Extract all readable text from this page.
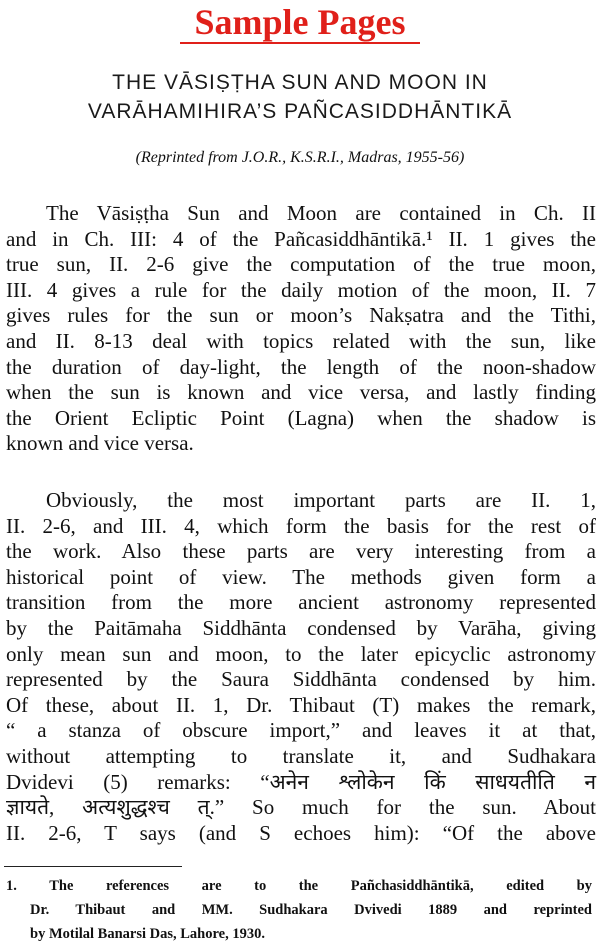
Sample Pages
THE VĀSIṢṬHA SUN AND MOON IN
VARĀHAMIHIRA’S PAÑCASIDDHĀNTIKĀ
(Reprinted from J.O.R., K.S.R.I., Madras, 1955-56)
The Vāsiṣṭha Sun and Moon are contained in Ch. II
and in Ch. III: 4 of the Pañcasiddhāntikā.¹ II. 1 gives the
true sun, II. 2-6 give the computation of the true moon,
III. 4 gives a rule for the daily motion of the moon, II. 7
gives rules for the sun or moon’s Nakṣatra and the Tithi,
and II. 8-13 deal with topics related with the sun, like
the duration of day-light, the length of the noon-shadow
when the sun is known and vice versa, and lastly finding
the Orient Ecliptic Point (Lagna) when the shadow is
known and vice versa.
Obviously, the most important parts are II. 1,
II. 2-6, and III. 4, which form the basis for the rest of
the work. Also these parts are very interesting from a
historical point of view. The methods given form a
transition from the more ancient astronomy represented
by the Paitāmaha Siddhānta condensed by Varāha, giving
only mean sun and moon, to the later epicyclic astronomy
represented by the Saura Siddhānta condensed by him.
Of these, about II. 1, Dr. Thibaut (T) makes the remark,
“ a stanza of obscure import,” and leaves it at that,
without attempting to translate it, and Sudhakara
Dvidevi (5) remarks: “अनेन श्लोकेन किं साधयतीति न
ज्ञायते, अत्यशुद्धश्च त्.” So much for the sun. About
II. 2-6, T says (and S echoes him): “Of the above
1. The references are to the Pañchasiddhāntikā, edited by
Dr. Thibaut and MM. Sudhakara Dvivedi 1889 and reprinted
by Motilal Banarsi Das, Lahore, 1930.
